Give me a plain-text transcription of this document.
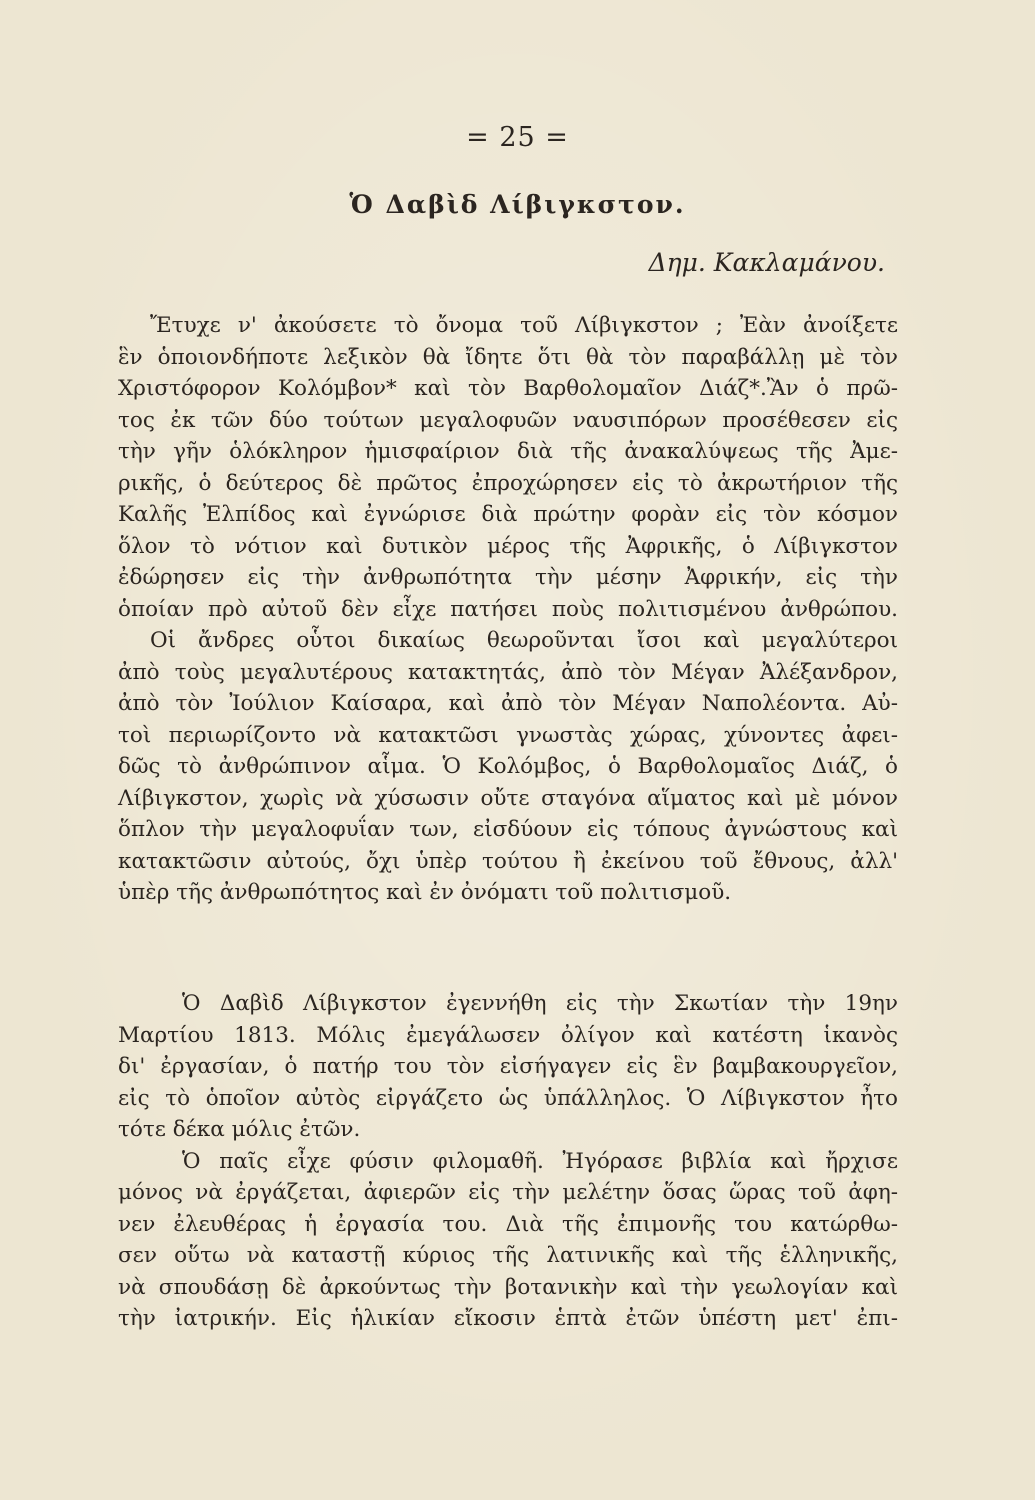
= 25 =
Ὁ Δαβὶδ Λίβιγκστον.
Δημ. Κακλαμάνου.
Ἔτυχε ν' ἀκούσετε τὸ ὄνομα τοῦ Λίβιγκστον ; Ἐὰν ἀνοίξετε
ἓν ὁποιονδήποτε λεξικὸν θὰ ἴδητε ὅτι θὰ τὸν παραβάλλῃ μὲ τὸν
Χριστόφορον Κολόμβον* καὶ τὸν Βαρθολομαῖον Διάζ*.Ἂν ὁ πρῶ-
τος ἐκ τῶν δύο τούτων μεγαλοφυῶν ναυσιπόρων προσέθεσεν εἰς
τὴν γῆν ὁλόκληρον ἡμισφαίριον διὰ τῆς ἀνακαλύψεως τῆς Ἀμε-
ρικῆς, ὁ δεύτερος δὲ πρῶτος ἐπροχώρησεν εἰς τὸ ἀκρωτήριον τῆς
Καλῆς Ἐλπίδος καὶ ἐγνώρισε διὰ πρώτην φορὰν εἰς τὸν κόσμον
ὅλον τὸ νότιον καὶ δυτικὸν μέρος τῆς Ἀφρικῆς, ὁ Λίβιγκστον
ἐδώρησεν εἰς τὴν ἀνθρωπότητα τὴν μέσην Ἀφρικήν, εἰς τὴν
ὁποίαν πρὸ αὐτοῦ δὲν εἶχε πατήσει ποὺς πολιτισμένου ἀνθρώπου.
Οἱ ἄνδρες οὗτοι δικαίως θεωροῦνται ἴσοι καὶ μεγαλύτεροι
ἀπὸ τοὺς μεγαλυτέρους κατακτητάς, ἀπὸ τὸν Μέγαν Ἀλέξανδρον,
ἀπὸ τὸν Ἰούλιον Καίσαρα, καὶ ἀπὸ τὸν Μέγαν Ναπολέοντα. Αὐ-
τοὶ περιωρίζοντο νὰ κατακτῶσι γνωστὰς χώρας, χύνοντες ἀφει-
δῶς τὸ ἀνθρώπινον αἷμα. Ὁ Κολόμβος, ὁ Βαρθολομαῖος Διάζ, ὁ
Λίβιγκστον, χωρὶς νὰ χύσωσιν οὔτε σταγόνα αἵματος καὶ μὲ μόνον
ὅπλον τὴν μεγαλοφυΐαν των, εἰσδύουν εἰς τόπους ἀγνώστους καὶ
κατακτῶσιν αὐτούς, ὄχι ὑπὲρ τούτου ἢ ἐκείνου τοῦ ἔθνους, ἀλλ'
ὑπὲρ τῆς ἀνθρωπότητος καὶ ἐν ὀνόματι τοῦ πολιτισμοῦ.
Ὁ Δαβὶδ Λίβιγκστον ἐγεννήθη εἰς τὴν Σκωτίαν τὴν 19ην
Μαρτίου 1813. Μόλις ἐμεγάλωσεν ὀλίγον καὶ κατέστη ἱκανὸς
δι' ἐργασίαν, ὁ πατήρ του τὸν εἰσήγαγεν εἰς ἓν βαμβακουργεῖον,
εἰς τὸ ὁποῖον αὐτὸς εἰργάζετο ὡς ὑπάλληλος. Ὁ Λίβιγκστον ἦτο
τότε δέκα μόλις ἐτῶν.
Ὁ παῖς εἶχε φύσιν φιλομαθῆ. Ἠγόρασε βιβλία καὶ ἤρχισε
μόνος νὰ ἐργάζεται, ἀφιερῶν εἰς τὴν μελέτην ὅσας ὥρας τοῦ ἀφη-
νεν ἐλευθέρας ἡ ἐργασία του. Διὰ τῆς ἐπιμονῆς του κατώρθω-
σεν οὕτω νὰ καταστῇ κύριος τῆς λατινικῆς καὶ τῆς ἑλληνικῆς,
νὰ σπουδάσῃ δὲ ἀρκούντως τὴν βοτανικὴν καὶ τὴν γεωλογίαν καὶ
τὴν ἰατρικήν. Εἰς ἡλικίαν εἴκοσιν ἑπτὰ ἐτῶν ὑπέστη μετ' ἐπι-
